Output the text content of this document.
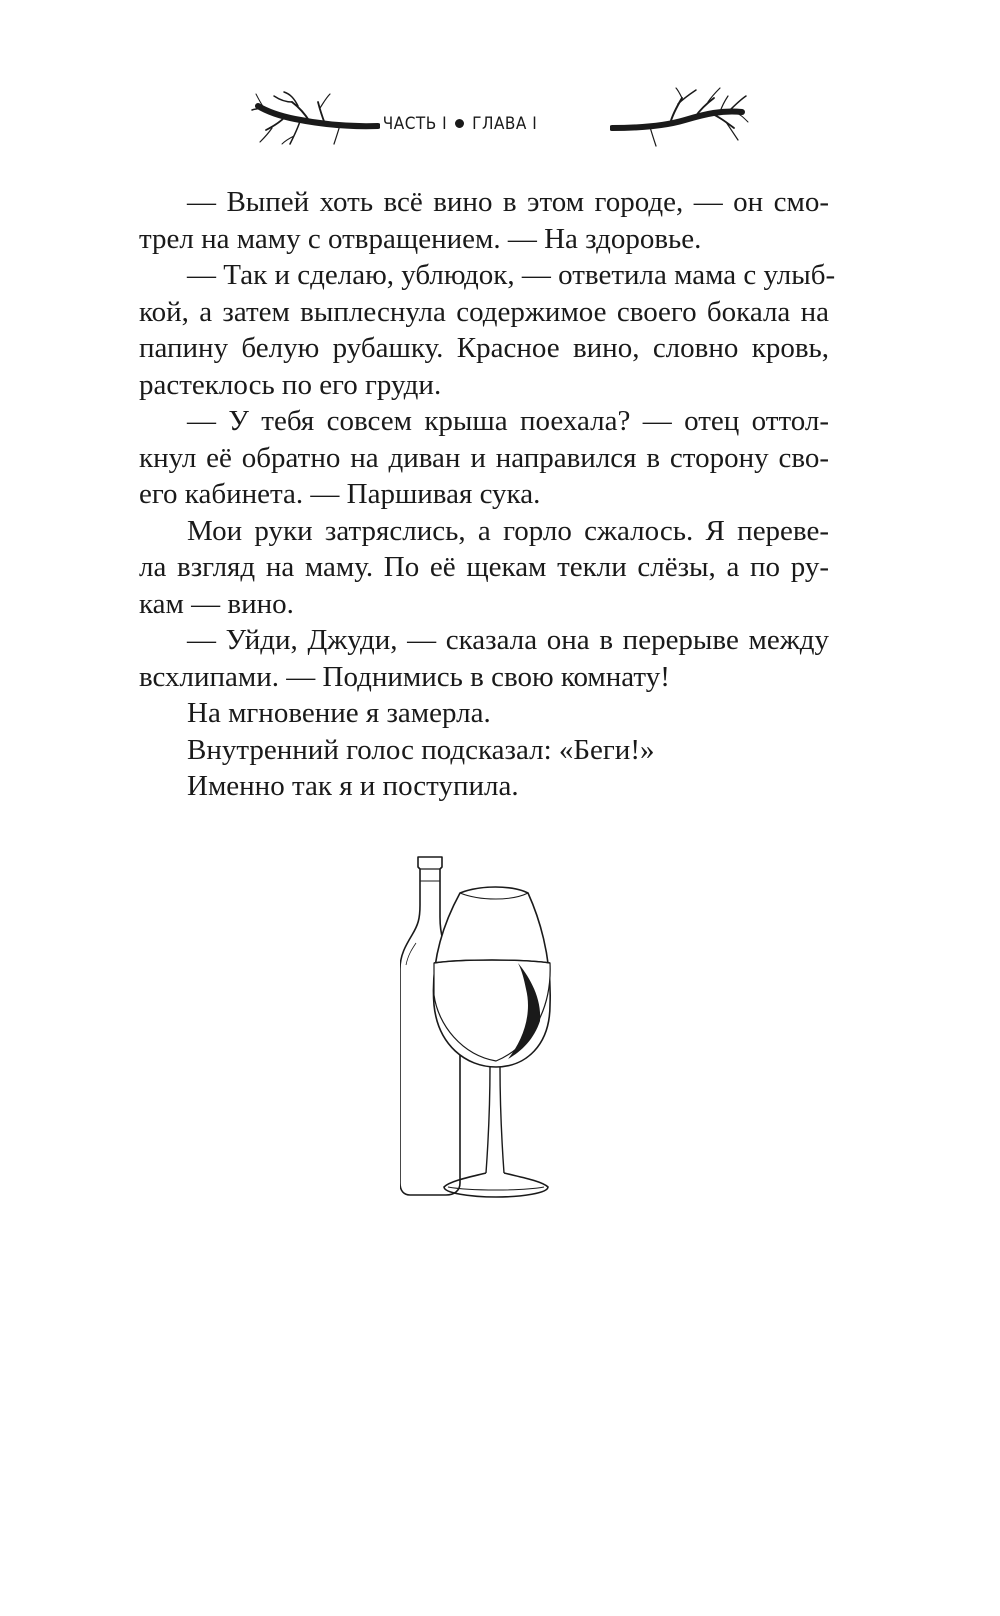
ЧАСТЬ I ГЛАВА I
— Выпей хоть всё вино в этом городе, — он смо-
трел на маму с отвращением. — На здоровье.
— Так и сделаю, ублюдок, — ответила мама с улыб-
кой, а затем выплеснула содержимое своего бокала на
папину белую рубашку. Красное вино, словно кровь,
растеклось по его груди.
— У тебя совсем крыша поехала? — отец оттол-
кнул её обратно на диван и направился в сторону сво-
его кабинета. — Паршивая сука.
Мои руки затряслись, а горло сжалось. Я переве-
ла взгляд на маму. По её щекам текли слёзы, а по ру-
кам — вино.
— Уйди, Джуди, — сказала она в перерыве между
всхлипами. — Поднимись в свою комнату!
На мгновение я замерла.
Внутренний голос подсказал: «Беги!»
Именно так я и поступила.
